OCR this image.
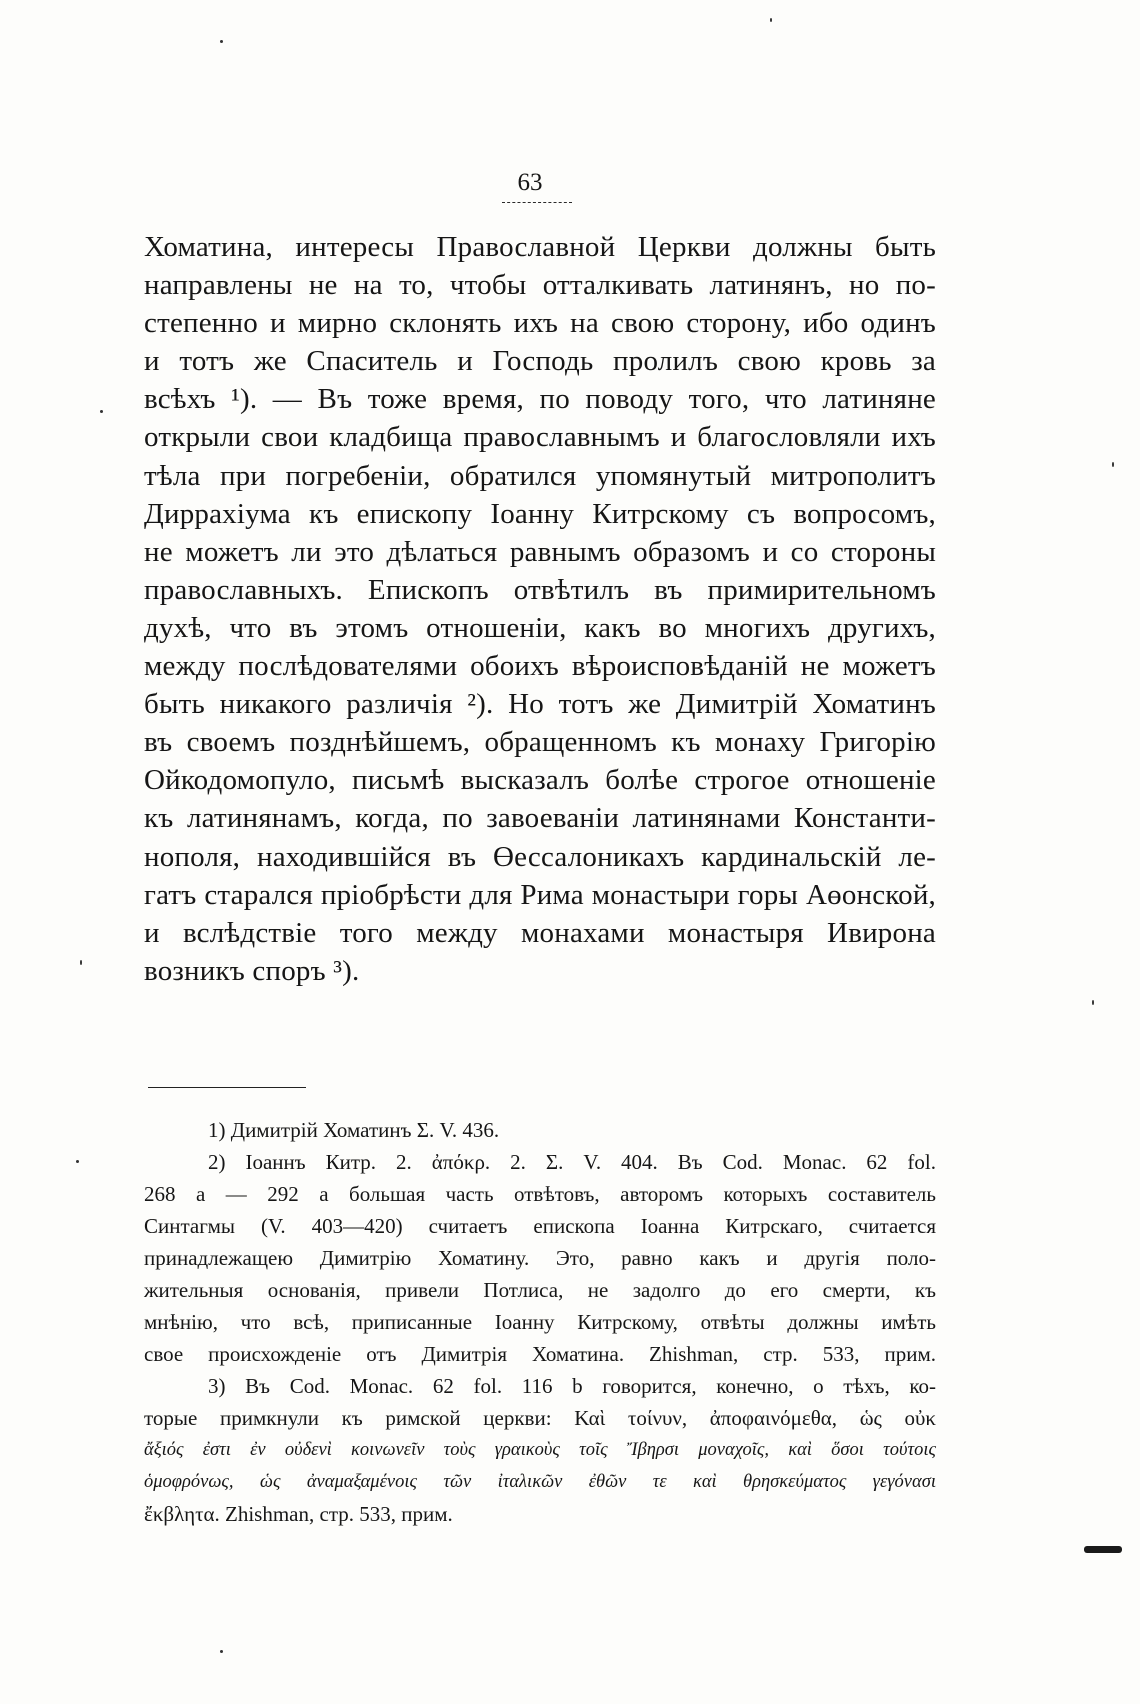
63
Хоматина, интересы Православной Церкви должны быть
направлены не на то, чтобы отталкивать латинянъ, но по-
степенно и мирно склонять ихъ на свою сторону, ибо одинъ
и тотъ же Спаситель и Господь пролилъ свою кровь за
всѣхъ ¹). — Въ тоже время, по поводу того, что латиняне
открыли свои кладбища православнымъ и благословляли ихъ
тѣла при погребенiи, обратился упомянутый митрополитъ
Диррахiума къ епископу Iоанну Китрскому съ вопросомъ,
не можетъ ли это дѣлаться равнымъ образомъ и со стороны
православныхъ. Епископъ отвѣтилъ въ примирительномъ
духѣ, что въ этомъ отношенiи, какъ во многихъ другихъ,
между послѣдователями обоихъ вѣроисповѣданiй не можетъ
быть никакого различiя ²). Но тотъ же Димитрiй Хоматинъ
въ своемъ позднѣйшемъ, обращенномъ къ монаху Григорiю
Ойкодомопуло, письмѣ высказалъ болѣе строгое отношенiе
къ латинянамъ, когда, по завоеванiи латинянами Константи-
нополя, находившiйся въ Өессалоникахъ кардинальскiй ле-
гатъ старался прiобрѣсти для Рима монастыри горы Аөонской,
и вслѣдствiе того между монахами монастыря Ивирона
возникъ споръ ³).
1) Димитрiй Хоматинъ Σ. V. 436.
2) Iоаннъ Китр. 2. ἀπόκρ. 2. Σ. V. 404. Въ Cod. Monac. 62 fol.
268 a — 292 a большая часть отвѣтовъ, авторомъ которыхъ составитель
Синтагмы (V. 403—420) считаетъ епископа Iоанна Китрскаго, считается
принадлежащею Димитрiю Хоматину. Это, равно какъ и другiя поло-
жительныя основанiя, привели Потлиса, не задолго до его смерти, къ
мнѣнiю, что всѣ, приписанные Iоанну Китрскому, отвѣты должны имѣть
свое происхожденiе отъ Димитрiя Хоматина. Zhishman, стр. 533, прим.
3) Въ Cod. Monac. 62 fol. 116 b говорится, конечно, о тѣхъ, ко-
торые примкнули къ римской церкви: Καὶ τοίνυν, ἀποφαινόμεθα, ὡς οὐκ
ἄξιός ἐστι ἐν οὐδενὶ κοινωνεῖν τοὺς γραικοὺς τοῖς Ἴβηρσι μοναχοῖς, καὶ ὅσοι τούτοις
ὁμοφρόνως, ὡς ἀναμαξαμένοις τῶν ἰταλικῶν ἐθῶν τε καὶ θρησκεύματος γεγόνασι
ἔκβλητα. Zhishman, стр. 533, прим.
